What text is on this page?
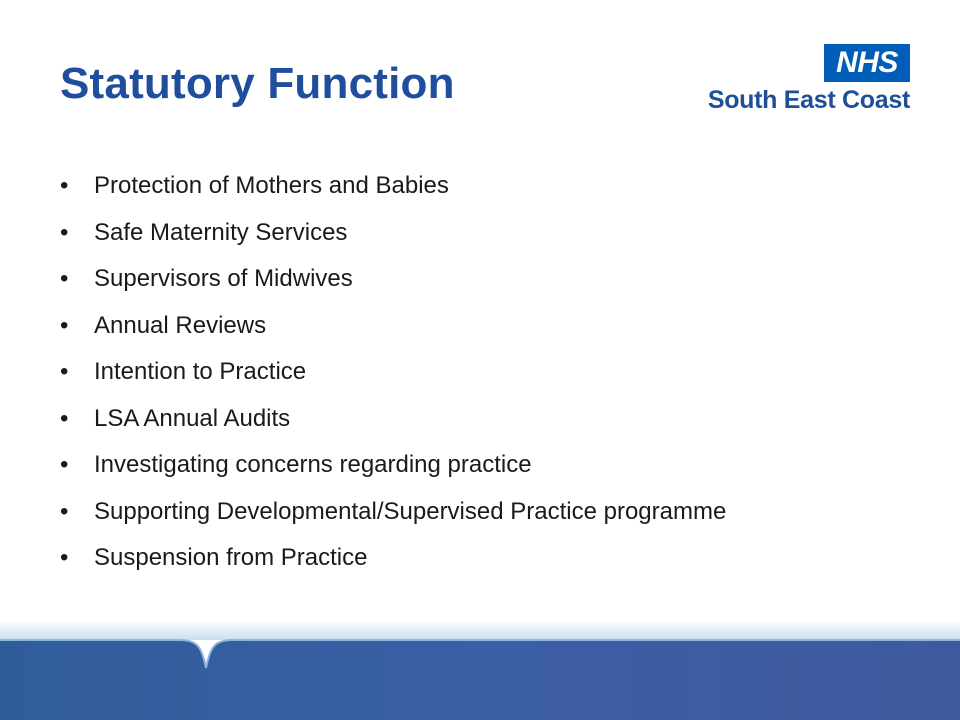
Statutory Function	NHS
South East Coast
• Protection of Mothers and Babies
• Safe Maternity Services
• Supervisors of Midwives
• Annual Reviews
• Intention to Practice
• LSA Annual Audits
• Investigating concerns regarding practice
• Supporting Developmental/Supervised Practice programme
• Suspension from Practice
